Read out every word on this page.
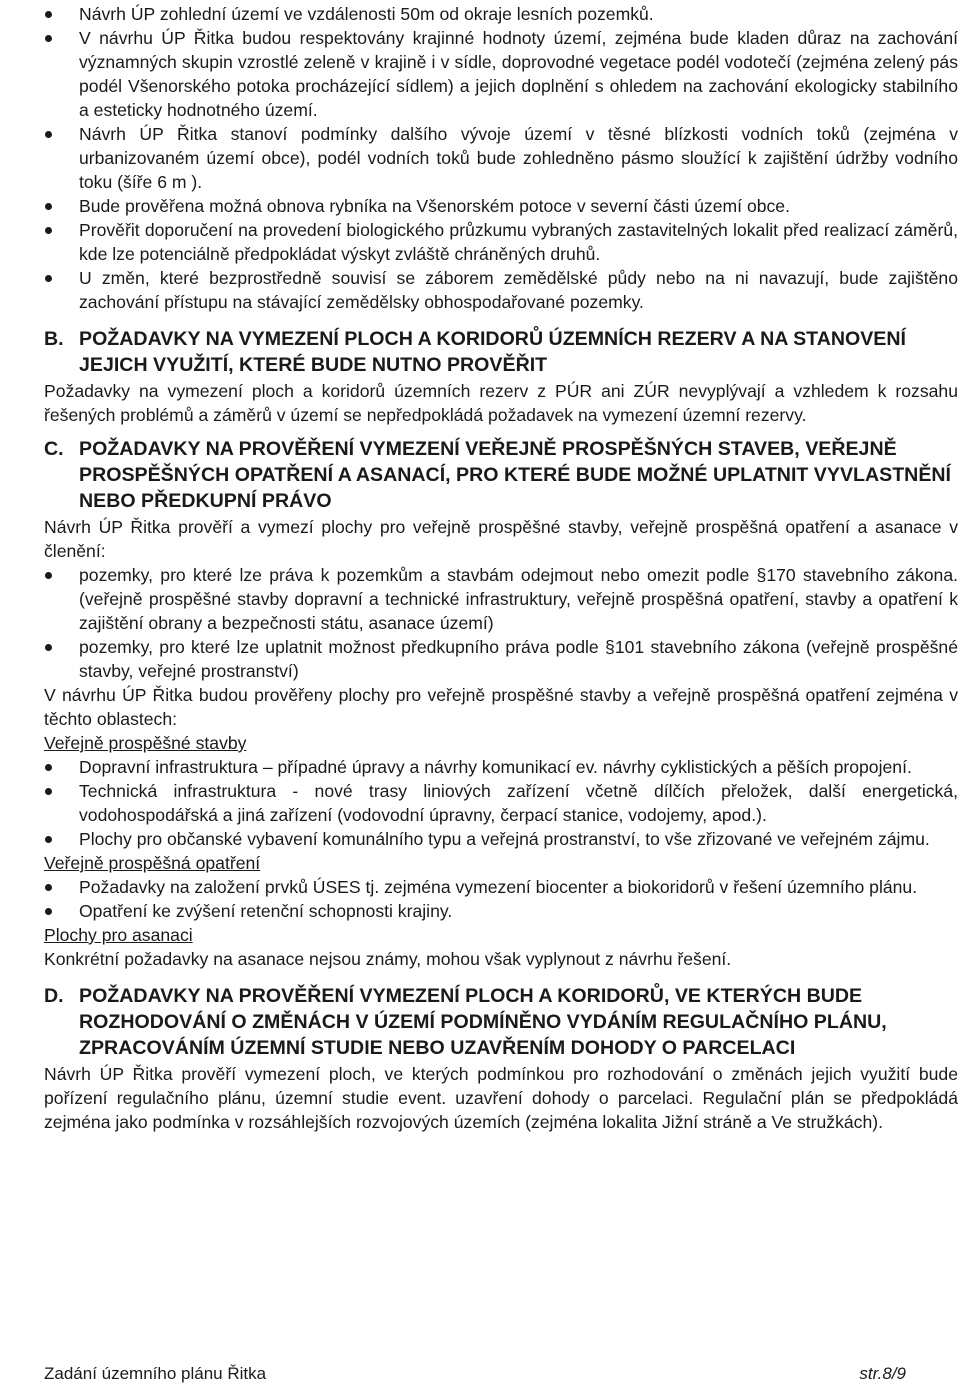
Návrh ÚP zohlední území ve vzdálenosti 50m od okraje lesních pozemků.
V návrhu ÚP Řitka budou respektovány krajinné hodnoty území, zejména bude kladen důraz na zachování významných skupin vzrostlé zeleně v krajině i v sídle, doprovodné vegetace podél vodotečí (zejména zelený pás podél Všenorského potoka procházející sídlem) a jejich doplnění s ohledem na zachování ekologicky stabilního a esteticky hodnotného území.
Návrh ÚP Řitka stanoví podmínky dalšího vývoje území v těsné blízkosti vodních toků (zejména v urbanizovaném území obce), podél vodních toků bude zohledněno pásmo sloužící k zajištění údržby vodního toku (šíře 6 m ).
Bude prověřena možná obnova rybníka na Všenorském potoce v severní části území obce.
Prověřit doporučení na provedení biologického průzkumu vybraných zastavitelných lokalit před realizací záměrů, kde lze potenciálně předpokládat výskyt zvláště chráněných druhů.
U změn, které bezprostředně souvisí se záborem zemědělské půdy nebo na ni navazují, bude zajištěno zachování přístupu na stávající zemědělsky obhospodařované pozemky.
B. POŽADAVKY NA VYMEZENÍ PLOCH A KORIDORŮ ÚZEMNÍCH REZERV A NA STANOVENÍ JEJICH VYUŽITÍ, KTERÉ BUDE NUTNO PROVĚŘIT
Požadavky na vymezení ploch a koridorů územních rezerv z PÚR ani ZÚR nevyplývají a vzhledem k rozsahu řešených problémů a záměrů v území se nepředpokládá požadavek na vymezení územní rezervy.
C. POŽADAVKY NA PROVĚŘENÍ VYMEZENÍ VEŘEJNĚ PROSPĚŠNÝCH STAVEB, VEŘEJNĚ PROSPĚŠNÝCH OPATŘENÍ A ASANACÍ, PRO KTERÉ BUDE MOŽNÉ UPLATNIT VYVLASTNĚNÍ NEBO PŘEDKUPNÍ PRÁVO
Návrh ÚP Řitka prověří a vymezí plochy pro veřejně prospěšné stavby, veřejně prospěšná opatření a asanace v členění:
pozemky, pro které lze práva k pozemkům a stavbám odejmout nebo omezit podle §170 stavebního zákona. (veřejně prospěšné stavby dopravní a technické infrastruktury, veřejně prospěšná opatření, stavby a opatření k zajištění obrany a bezpečnosti státu, asanace území)
pozemky, pro které lze uplatnit možnost předkupního práva podle §101 stavebního zákona (veřejně prospěšné stavby, veřejné prostranství)
V návrhu ÚP Řitka budou prověřeny plochy pro veřejně prospěšné stavby a veřejně prospěšná opatření zejména v těchto oblastech:
Veřejně prospěšné stavby
Dopravní infrastruktura – případné úpravy a návrhy komunikací ev. návrhy cyklistických a pěších propojení.
Technická infrastruktura - nové trasy liniových zařízení včetně dílčích přeložek, další energetická, vodohospodářská a jiná zařízení (vodovodní úpravny, čerpací stanice, vodojemy, apod.).
Plochy pro občanské vybavení komunálního typu a veřejná prostranství, to vše zřizované ve veřejném zájmu.
Veřejně prospěšná opatření
Požadavky na založení prvků ÚSES tj. zejména vymezení biocenter a biokoridorů v řešení územního plánu.
Opatření ke zvýšení retenční schopnosti krajiny.
Plochy pro asanaci
Konkrétní požadavky na asanace nejsou známy, mohou však vyplynout z návrhu řešení.
D. POŽADAVKY NA PROVĚŘENÍ VYMEZENÍ PLOCH A KORIDORŮ, VE KTERÝCH BUDE ROZHODOVÁNÍ O ZMĚNÁCH V ÚZEMÍ PODMÍNĚNO VYDÁNÍM REGULAČNÍHO PLÁNU, ZPRACOVÁNÍM ÚZEMNÍ STUDIE NEBO UZAVŘENÍM DOHODY O PARCELACI
Návrh ÚP Řitka prověří vymezení ploch, ve kterých podmínkou pro rozhodování o změnách jejich využití bude pořízení regulačního plánu, územní studie event. uzavření dohody o parcelaci. Regulační plán se předpokládá zejména jako podmínka v rozsáhlejších rozvojových územích (zejména lokalita Jižní stráně a Ve stružkách).
Zadání územního plánu Řitka	str.8/9
